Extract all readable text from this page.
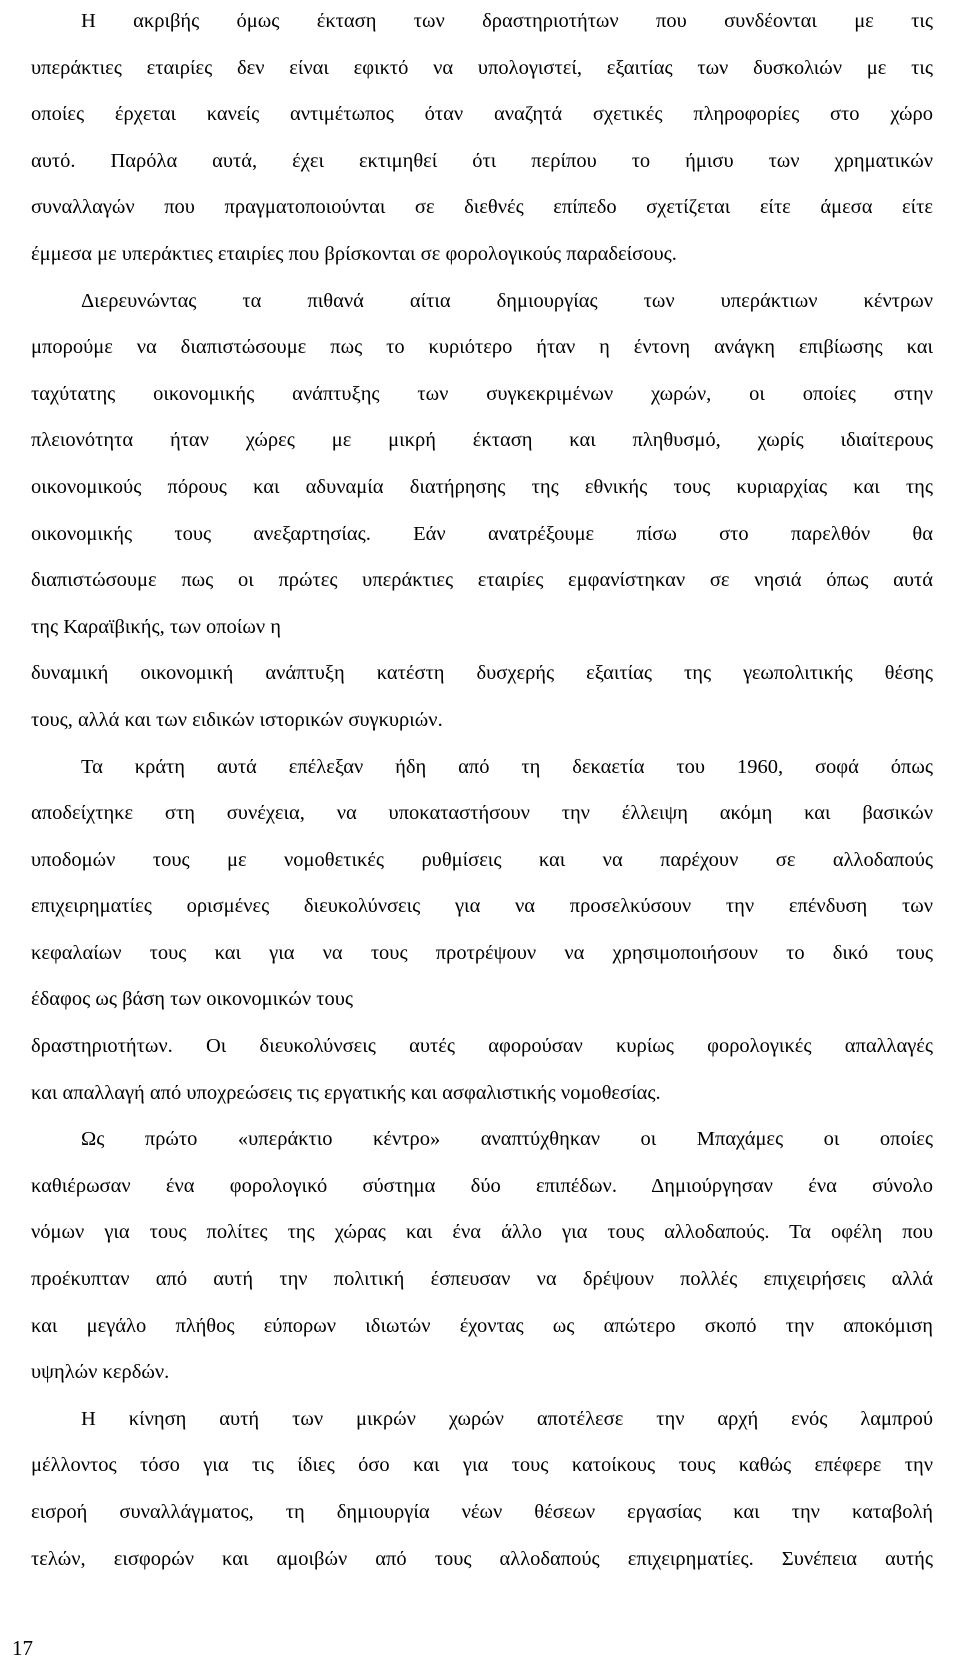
Η ακριβής όμως έκταση των δραστηριοτήτων που συνδέονται με τις
υπεράκτιες εταιρίες δεν είναι εφικτό να υπολογιστεί, εξαιτίας των δυσκολιών με τις
οποίες έρχεται κανείς αντιμέτωπος όταν αναζητά σχετικές πληροφορίες στο χώρο
αυτό. Παρόλα αυτά, έχει εκτιμηθεί ότι περίπου το ήμισυ των χρηματικών
συναλλαγών που πραγματοποιούνται σε διεθνές επίπεδο σχετίζεται είτε άμεσα είτε
έμμεσα με υπεράκτιες εταιρίες που βρίσκονται σε φορολογικούς παραδείσους.
Διερευνώντας τα πιθανά αίτια δημιουργίας των υπεράκτιων κέντρων
μπορούμε να διαπιστώσουμε πως το κυριότερο ήταν η έντονη ανάγκη επιβίωσης και
ταχύτατης οικονομικής ανάπτυξης των συγκεκριμένων χωρών, οι οποίες στην
πλειονότητα ήταν χώρες με μικρή έκταση και πληθυσμό, χωρίς ιδιαίτερους
οικονομικούς πόρους και αδυναμία διατήρησης της εθνικής τους κυριαρχίας και της
οικονομικής τους ανεξαρτησίας. Εάν ανατρέξουμε πίσω στο παρελθόν θα
διαπιστώσουμε πως οι πρώτες υπεράκτιες εταιρίες εμφανίστηκαν σε νησιά όπως αυτά
της Καραϊβικής, των οποίων η
δυναμική οικονομική ανάπτυξη κατέστη δυσχερής εξαιτίας της γεωπολιτικής θέσης
τους, αλλά και των ειδικών ιστορικών συγκυριών.
Τα κράτη αυτά επέλεξαν ήδη από τη δεκαετία του 1960, σοφά όπως
αποδείχτηκε στη συνέχεια, να υποκαταστήσουν την έλλειψη ακόμη και βασικών
υποδομών τους με νομοθετικές ρυθμίσεις και να παρέχουν σε αλλοδαπούς
επιχειρηματίες ορισμένες διευκολύνσεις για να προσελκύσουν την επένδυση των
κεφαλαίων τους και για να τους προτρέψουν να χρησιμοποιήσουν το δικό τους
έδαφος ως βάση των οικονομικών τους
δραστηριοτήτων. Οι διευκολύνσεις αυτές αφορούσαν κυρίως φορολογικές απαλλαγές
και απαλλαγή από υποχρεώσεις τις εργατικής και ασφαλιστικής νομοθεσίας.
Ως πρώτο «υπεράκτιο κέντρο» αναπτύχθηκαν οι Μπαχάμες οι οποίες
καθιέρωσαν ένα φορολογικό σύστημα δύο επιπέδων. Δημιούργησαν ένα σύνολο
νόμων για τους πολίτες της χώρας και ένα άλλο για τους αλλοδαπούς. Τα οφέλη που
προέκυπταν από αυτή την πολιτική έσπευσαν να δρέψουν πολλές επιχειρήσεις αλλά
και μεγάλο πλήθος εύπορων ιδιωτών έχοντας ως απώτερο σκοπό την αποκόμιση
υψηλών κερδών.
Η κίνηση αυτή των μικρών χωρών αποτέλεσε την αρχή ενός λαμπρού
μέλλοντος τόσο για τις ίδιες όσο και για τους κατοίκους τους καθώς επέφερε την
εισροή συναλλάγματος, τη δημιουργία νέων θέσεων εργασίας και την καταβολή
τελών, εισφορών και αμοιβών από τους αλλοδαπούς επιχειρηματίες. Συνέπεια αυτής
17
